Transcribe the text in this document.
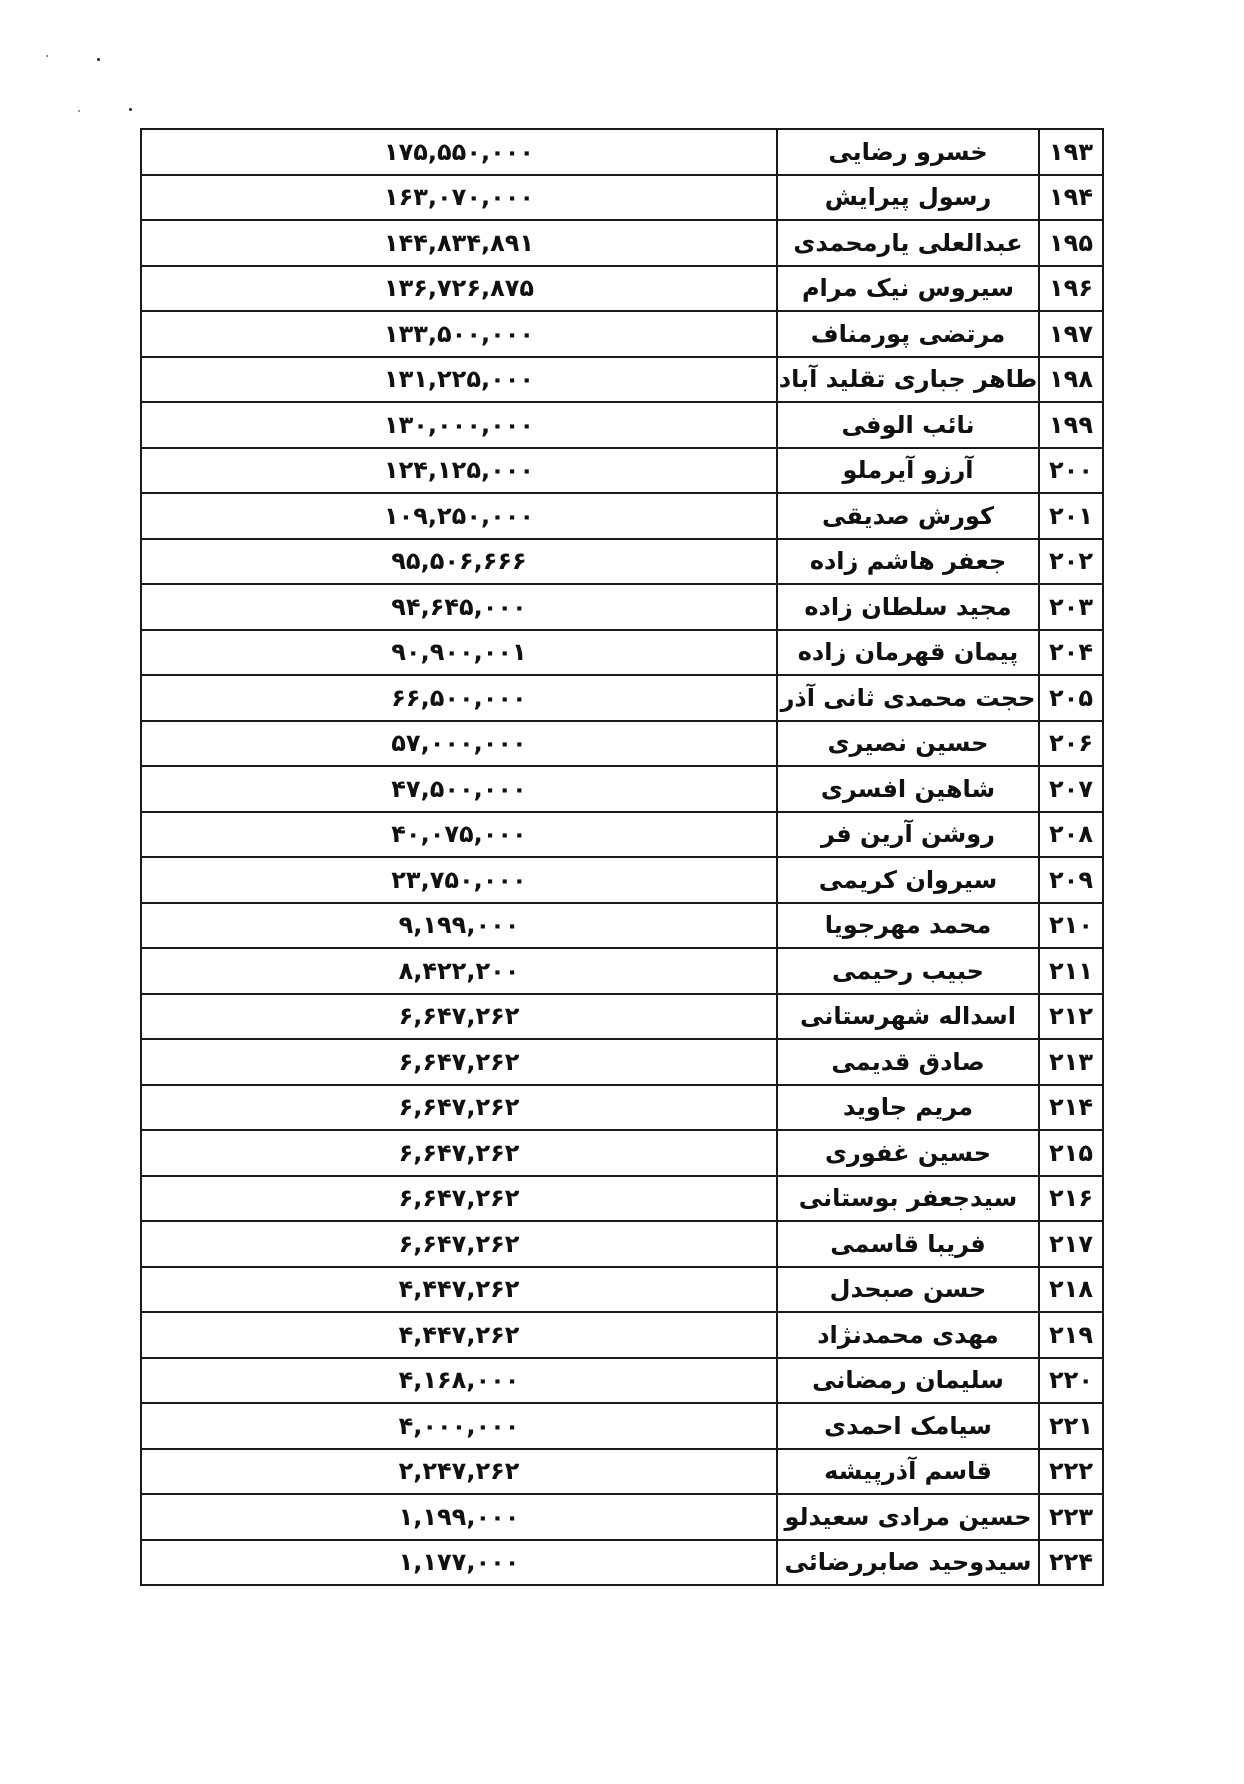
۱۹۳	خسرو رضایی	۱۷۵,۵۵۰,۰۰۰
۱۹۴	رسول پیرایش	۱۶۳,۰۷۰,۰۰۰
۱۹۵	عبدالعلی یارمحمدی	۱۴۴,۸۳۴,۸۹۱
۱۹۶	سیروس نیک مرام	۱۳۶,۷۲۶,۸۷۵
۱۹۷	مرتضی پورمناف	۱۳۳,۵۰۰,۰۰۰
۱۹۸	طاهر جباری تقلید آباد	۱۳۱,۲۲۵,۰۰۰
۱۹۹	نائب الوفی	۱۳۰,۰۰۰,۰۰۰
۲۰۰	آرزو آیرملو	۱۲۴,۱۲۵,۰۰۰
۲۰۱	کورش صدیقی	۱۰۹,۲۵۰,۰۰۰
۲۰۲	جعفر هاشم زاده	۹۵,۵۰۶,۶۶۶
۲۰۳	مجید سلطان زاده	۹۴,۶۴۵,۰۰۰
۲۰۴	پیمان قهرمان زاده	۹۰,۹۰۰,۰۰۱
۲۰۵	حجت محمدی ثانی آذر	۶۶,۵۰۰,۰۰۰
۲۰۶	حسین نصیری	۵۷,۰۰۰,۰۰۰
۲۰۷	شاهین افسری	۴۷,۵۰۰,۰۰۰
۲۰۸	روشن آرین فر	۴۰,۰۷۵,۰۰۰
۲۰۹	سیروان کریمی	۲۳,۷۵۰,۰۰۰
۲۱۰	محمد مهرجویا	۹,۱۹۹,۰۰۰
۲۱۱	حبیب رحیمی	۸,۴۲۲,۲۰۰
۲۱۲	اسداله شهرستانی	۶,۶۴۷,۲۶۲
۲۱۳	صادق قدیمی	۶,۶۴۷,۲۶۲
۲۱۴	مریم جاوید	۶,۶۴۷,۲۶۲
۲۱۵	حسین غفوری	۶,۶۴۷,۲۶۲
۲۱۶	سیدجعفر بوستانی	۶,۶۴۷,۲۶۲
۲۱۷	فریبا قاسمی	۶,۶۴۷,۲۶۲
۲۱۸	حسن صبحدل	۴,۴۴۷,۲۶۲
۲۱۹	مهدی محمدنژاد	۴,۴۴۷,۲۶۲
۲۲۰	سلیمان رمضانی	۴,۱۶۸,۰۰۰
۲۲۱	سیامک احمدی	۴,۰۰۰,۰۰۰
۲۲۲	قاسم آذرپیشه	۲,۲۴۷,۲۶۲
۲۲۳	حسین مرادی سعیدلو	۱,۱۹۹,۰۰۰
۲۲۴	سیدوحید صابررضائی	۱,۱۷۷,۰۰۰
